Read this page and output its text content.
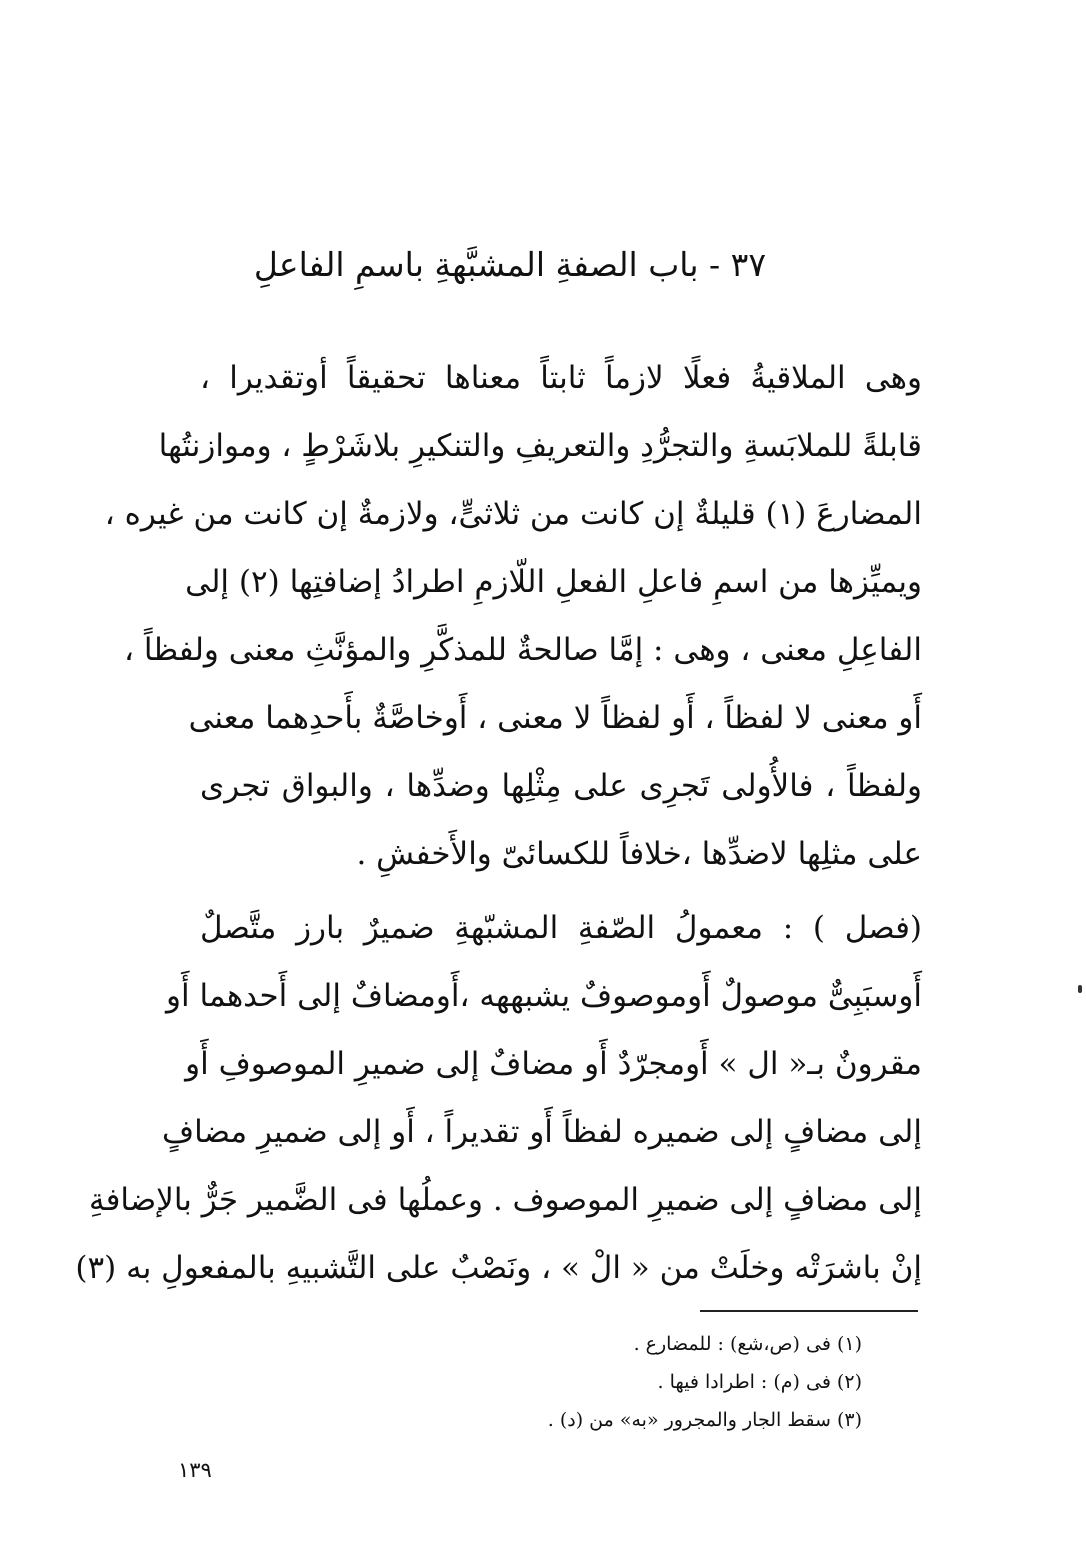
٣٧ - باب الصفةِ المشبَّهةِ باسمِ الفاعلِ
وهى الملاقيةُ فعلًا لازماً ثابتاً معناها تحقيقاً أوتقديرا ،
قابلةً للملابَسةِ والتجرُّدِ والتعريفِ والتنكيرِ بلاشَرْطٍ ، وموازنتُها
المضارعَ (١) قليلةٌ إن كانت من ثلاثىٍّ، ولازمةٌ إن كانت من غيره ،
ويميِّزها من اسمِ فاعلِ الفعلِ اللّازمِ اطرادُ إضافتِها (٢) إلى
الفاعِلِ معنى ، وهى : إمَّا صالحةٌ للمذكَّرِ والمؤنَّثِ معنى ولفظاً ،
أَو معنى لا لفظاً ، أَو لفظاً لا معنى ، أَوخاصَّةٌ بأَحدِهما معنى
ولفظاً ، فالأُولى تَجرِى على مِثْلِها وضدِّها ، والبواق تجرى
على مثلِها لاضدِّها ،خلافاً للكسائىّ والأَخفشِ .
(فصل ) : معمولُ الصّفةِ المشبّهةِ ضميرٌ بارز متَّصلٌ
أَوسبَبِىٌّ موصولٌ أَوموصوفٌ يشبههه ،أَومضافٌ إلى أَحدهما أَو
مقرونٌ بـ« ال » أَومجرّدٌ أَو مضافٌ إلى ضميرِ الموصوفِ أَو
إلى مضافٍ إلى ضميره لفظاً أَو تقديراً ، أَو إلى ضميرِ مضافٍ
إلى مضافٍ إلى ضميرِ الموصوف . وعملُها فى الضَّمير جَرٌّ بالإضافةِ
إنْ باشرَتْه وخلَتْ من « الْ » ، ونَصْبٌ على التَّشبيهِ بالمفعولِ به (٣)
(١) فى (ص،شع) : للمضارع .
(٢) فى (م) : اطرادا فيها .
(٣) سقط الجار والمجرور «به» من (د) .
١٣٩
